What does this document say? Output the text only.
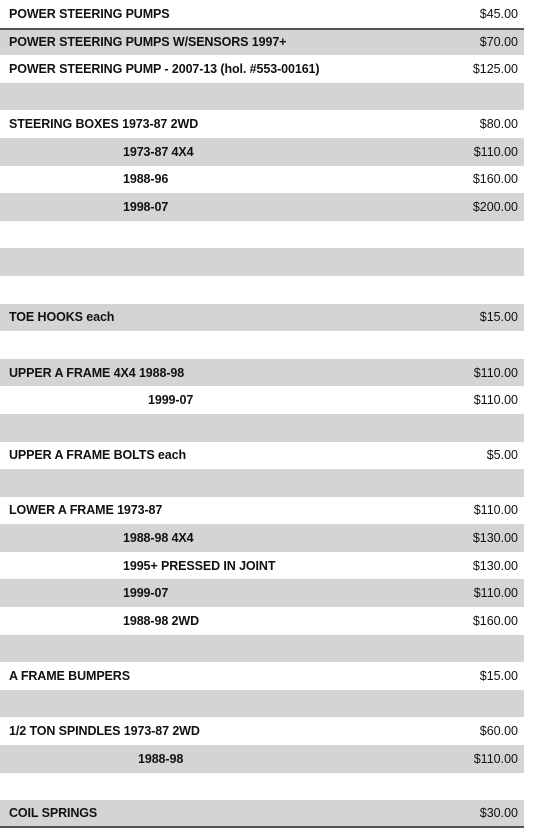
POWER STEERING PUMPS	$45.00
POWER STEERING PUMPS W/SENSORS 1997+	$70.00
POWER STEERING PUMP - 2007-13 (hol. #553-00161)	$125.00
STEERING BOXES 1973-87 2WD	$80.00
1973-87 4X4	$110.00
1988-96	$160.00
1998-07	$200.00
TOE HOOKS each	$15.00
UPPER A FRAME 4X4 1988-98	$110.00
1999-07	$110.00
UPPER A FRAME BOLTS each	$5.00
LOWER A FRAME 1973-87	$110.00
1988-98 4X4	$130.00
1995+ PRESSED IN JOINT	$130.00
1999-07	$110.00
1988-98 2WD	$160.00
A FRAME BUMPERS	$15.00
1/2 TON SPINDLES 1973-87 2WD	$60.00
1988-98	$110.00
COIL SPRINGS	$30.00
